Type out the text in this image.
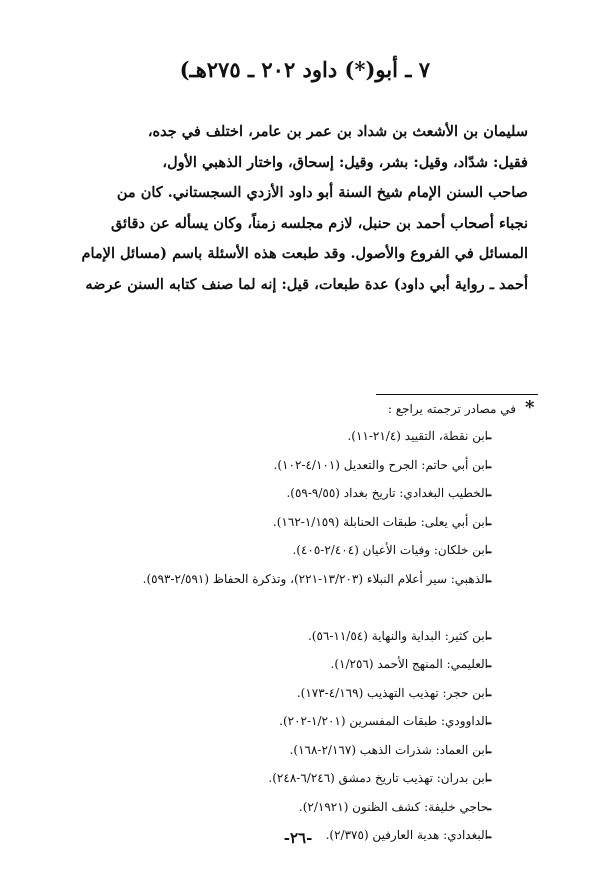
٧ ـ أبو(*) داود ٢٠٢ ـ ٢٧٥هـ)
سليمان بن الأشعث بن شداد بن عمر بن عامر، اختلف في جده،
فقيل: شدّاد، وقيل: بشر، وقيل: إسحاق، واختار الذهبي الأول،
صاحب السنن الإمام شيخ السنة أبو داود الأزدي السجستاني. كان من
نجباء أصحاب أحمد بن حنبل، لازم مجلسه زمناً، وكان يسأله عن دقائق
المسائل في الفروع والأصول. وقد طبعت هذه الأسئلة باسم (مسائل الإمام
أحمد ـ رواية أبي داود) عدة طبعات، قيل: إنه لما صنف كتابه السنن عرضه
*
في مصادر ترجمته يراجع :
ـ
ابن نقطة، التقييد (٢١/٤-١١).
ـ
ابن أبي حاتم: الجرح والتعديل (٤/١٠١-١٠٢).
ـ
الخطيب البغدادي: تاريخ بغداد (٩/٥٥-٥٩).
ـ
ابن أبي يعلى: طبقات الحنابلة (١/١٥٩-١٦٢).
ـ
ابن خلكان: وفيات الأعيان (٢/٤٠٤-٤٠٥).
ـ
الذهبي: سير أعلام النبلاء (١٣/٢٠٣-٢٢١)، وتذكرة الحفاظ (٢/٥٩١-٥٩٣).
ـ
ابن كثير: البداية والنهاية (١١/٥٤-٥٦).
ـ
العليمي: المنهج الأحمد (١/٢٥٦).
ـ
ابن حجر: تهذيب التهذيب (٤/١٦٩-١٧٣).
ـ
الداوودي: طبقات المفسرين (١/٢٠١-٢٠٢).
ـ
ابن العماد: شذرات الذهب (٢/١٦٧-١٦٨).
ـ
ابن بدران: تهذيب تاريخ دمشق (٦/٢٤٦-٢٤٨).
ـ
حاجي خليفة: كشف الظنون (٢/١٩٢١).
ـ
البغدادي: هدية العارفين (٢/٣٧٥).
-٢٦-
